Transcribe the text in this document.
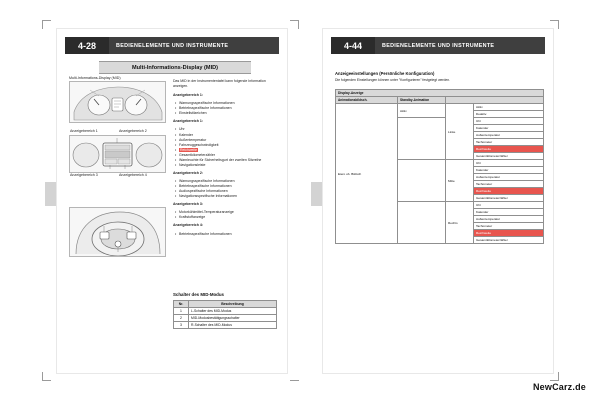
4-28	BEDIENELEMENTE UND INSTRUMENTE
Multi-Informations-Display (MID)
Multi-Informations-Display (MID)
Anzeigebereich 1	Anzeigebereich 2
Anzeigebereich 3	Anzeigebereich 4

Das MID in der Instrumententafel kann folgende Information anzeigen.

Anzeigebereich 1:

• Warnungsspezifische Informationen
• Betriebsspezifische Informationen
• Einstellstilzeichen

Anzeigebereich 1:

• Uhr
• Kalender
• Außentemperatur
• Fahrzeuggeschwindigkeit
• Reichweite
• Gesamtkilometerzähler
• Warnleuchte für Sicherheitsgurt der zweiten Sitzreihe
• Navigationsleiste

Anzeigebereich 2:

• Warnungsspezifische Informationen
• Betriebsspezifische Informationen
• Audiospezifische Informationen
• Navigationsspezifische Informationen

Anzeigebereich 3:

• Motorkühlmittel-Temperaturanzeige
• Kraftstoffanzeige

Anzeigebereich 4:

• Betriebsspezifische Informationen
Schalter des MID-Modus
Nr.	Beschreibung
1	L-Schalter des MID-Modus
2	MID-Modusbestätigungsschalter
3	R-Schalter des MID-Modus
4-44	BEDIENELEMENTE UND INSTRUMENTE
Anzeigeeinstellungen (Persönliche Konfiguration)
Die folgenden Einstellungen können unter "Konfigurieren" festgelegt werden.
Display-Anzeige			
Animationsbildsch.	Standby-Animation		
Eiero ob. Bildsch	Aktiv	Linke	Aktiv
			Deaktiv.
			Uhr
			Kalender
			Außentemperatur
			Tachometer
			Reichweite
			Gesamtkilometerzähler
		Mitte	Uhr
			Kalender
			Außentemperatur
			Tachometer
			Reichweite
			Gesamtkilometerzähler
		Rechts	Uhr
			Kalender
			Außentemperatur
			Tachometer
			Reichweite
			Gesamtkilometerzähler
NewCarz.de
